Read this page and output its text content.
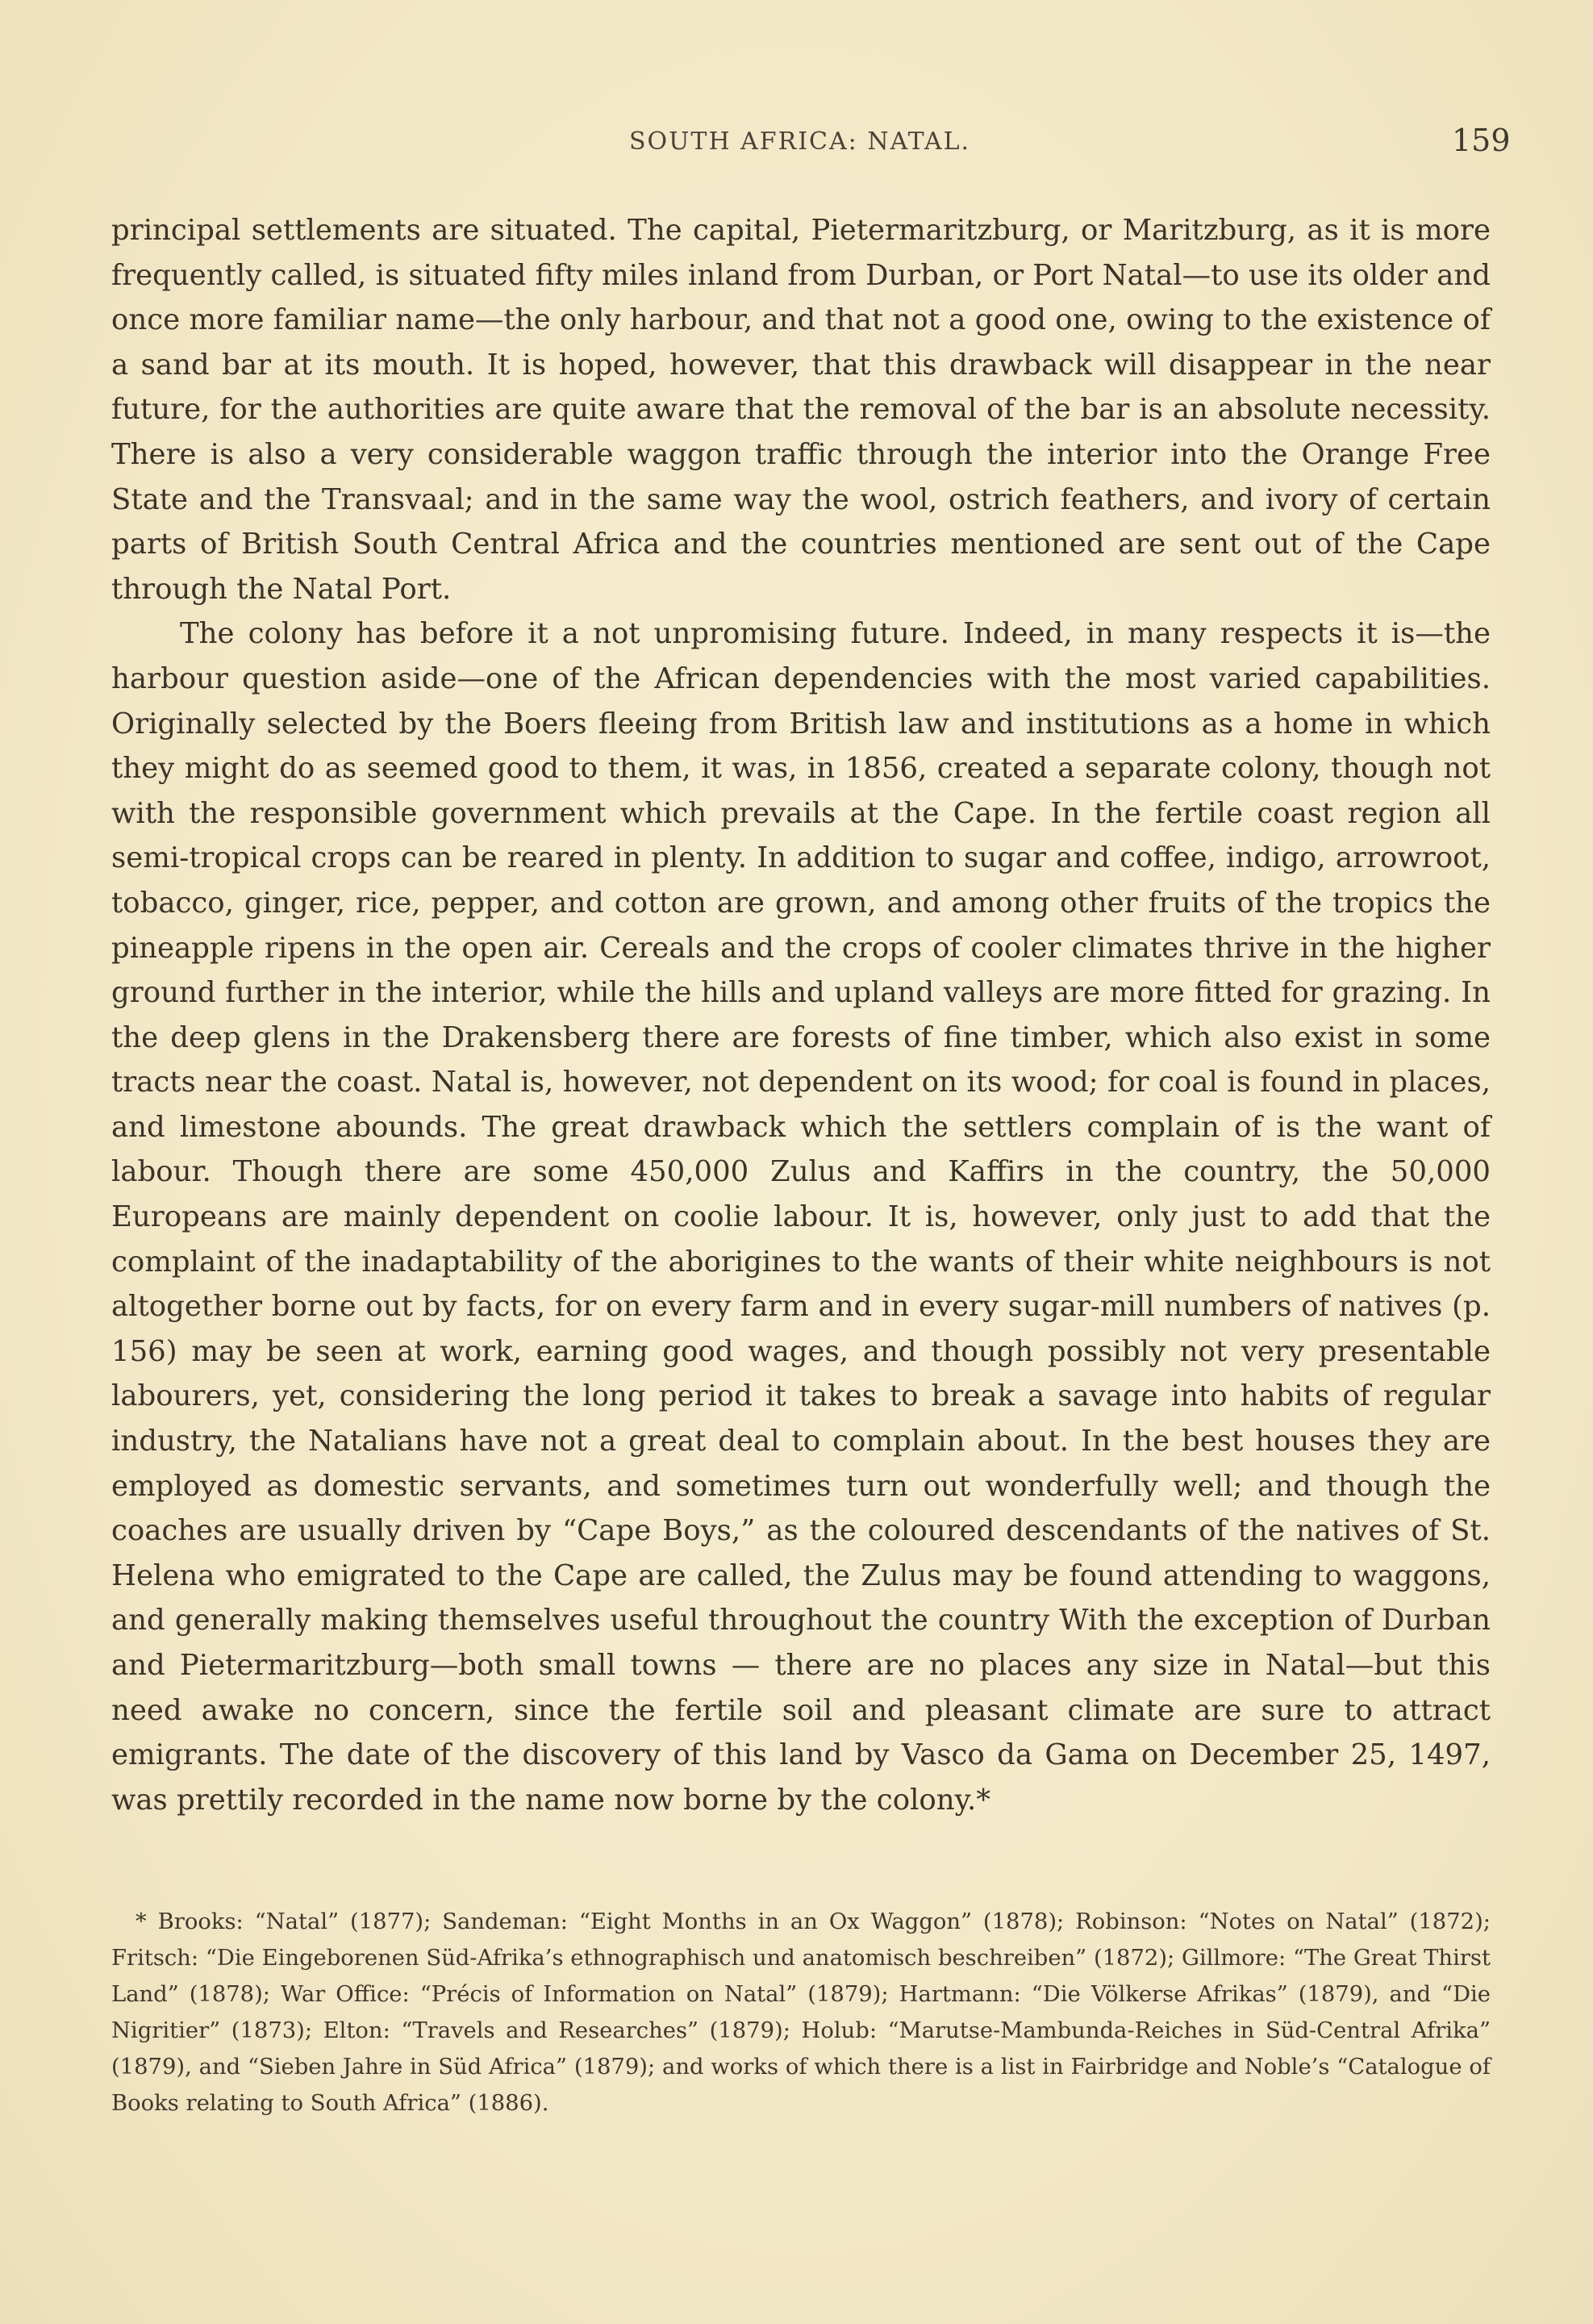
SOUTH AFRICA: NATAL.	159

principal settlements are situated. The capital, Pietermaritzburg, or Maritzburg, as it is more frequently called, is situated fifty miles inland from Durban, or Port Natal—to use its older and once more familiar name—the only harbour, and that not a good one, owing to the existence of a sand bar at its mouth. It is hoped, however, that this drawback will disappear in the near future, for the authorities are quite aware that the removal of the bar is an absolute necessity. There is also a very considerable waggon traffic through the interior into the Orange Free State and the Transvaal; and in the same way the wool, ostrich feathers, and ivory of certain parts of British South Central Africa and the countries mentioned are sent out of the Cape through the Natal Port.

The colony has before it a not unpromising future. Indeed, in many respects it is—the harbour question aside—one of the African dependencies with the most varied capabilities. Originally selected by the Boers fleeing from British law and institutions as a home in which they might do as seemed good to them, it was, in 1856, created a separate colony, though not with the responsible government which prevails at the Cape. In the fertile coast region all semi-tropical crops can be reared in plenty. In addition to sugar and coffee, indigo, arrowroot, tobacco, ginger, rice, pepper, and cotton are grown, and among other fruits of the tropics the pineapple ripens in the open air. Cereals and the crops of cooler climates thrive in the higher ground further in the interior, while the hills and upland valleys are more fitted for grazing. In the deep glens in the Drakensberg there are forests of fine timber, which also exist in some tracts near the coast. Natal is, however, not dependent on its wood; for coal is found in places, and limestone abounds. The great drawback which the settlers complain of is the want of labour. Though there are some 450,000 Zulus and Kaffirs in the country, the 50,000 Europeans are mainly dependent on coolie labour. It is, however, only just to add that the complaint of the inadaptability of the aborigines to the wants of their white neighbours is not altogether borne out by facts, for on every farm and in every sugar-mill numbers of natives (p. 156) may be seen at work, earning good wages, and though possibly not very presentable labourers, yet, considering the long period it takes to break a savage into habits of regular industry, the Natalians have not a great deal to complain about. In the best houses they are employed as domestic servants, and sometimes turn out wonderfully well; and though the coaches are usually driven by “Cape Boys,” as the coloured descendants of the natives of St. Helena who emigrated to the Cape are called, the Zulus may be found attending to waggons, and generally making themselves useful throughout the country With the exception of Durban and Pietermaritzburg—both small towns — there are no places any size in Natal—but this need awake no concern, since the fertile soil and pleasant climate are sure to attract emigrants. The date of the discovery of this land by Vasco da Gama on December 25, 1497, was prettily recorded in the name now borne by the colony.*

* Brooks: “Natal” (1877); Sandeman: “Eight Months in an Ox Waggon” (1878); Robinson: “Notes on Natal” (1872); Fritsch: “Die Eingeborenen Süd-Afrika’s ethnographisch und anatomisch beschreiben” (1872); Gillmore: “The Great Thirst Land” (1878); War Office: “Précis of Information on Natal” (1879); Hartmann: “Die Völkerse Afrikas” (1879), and “Die Nigritier” (1873); Elton: “Travels and Researches” (1879); Holub: “Marutse-Mambunda-Reiches in Süd-Central Afrika” (1879), and “Sieben Jahre in Süd Africa” (1879); and works of which there is a list in Fairbridge and Noble’s “Catalogue of Books relating to South Africa” (1886).
